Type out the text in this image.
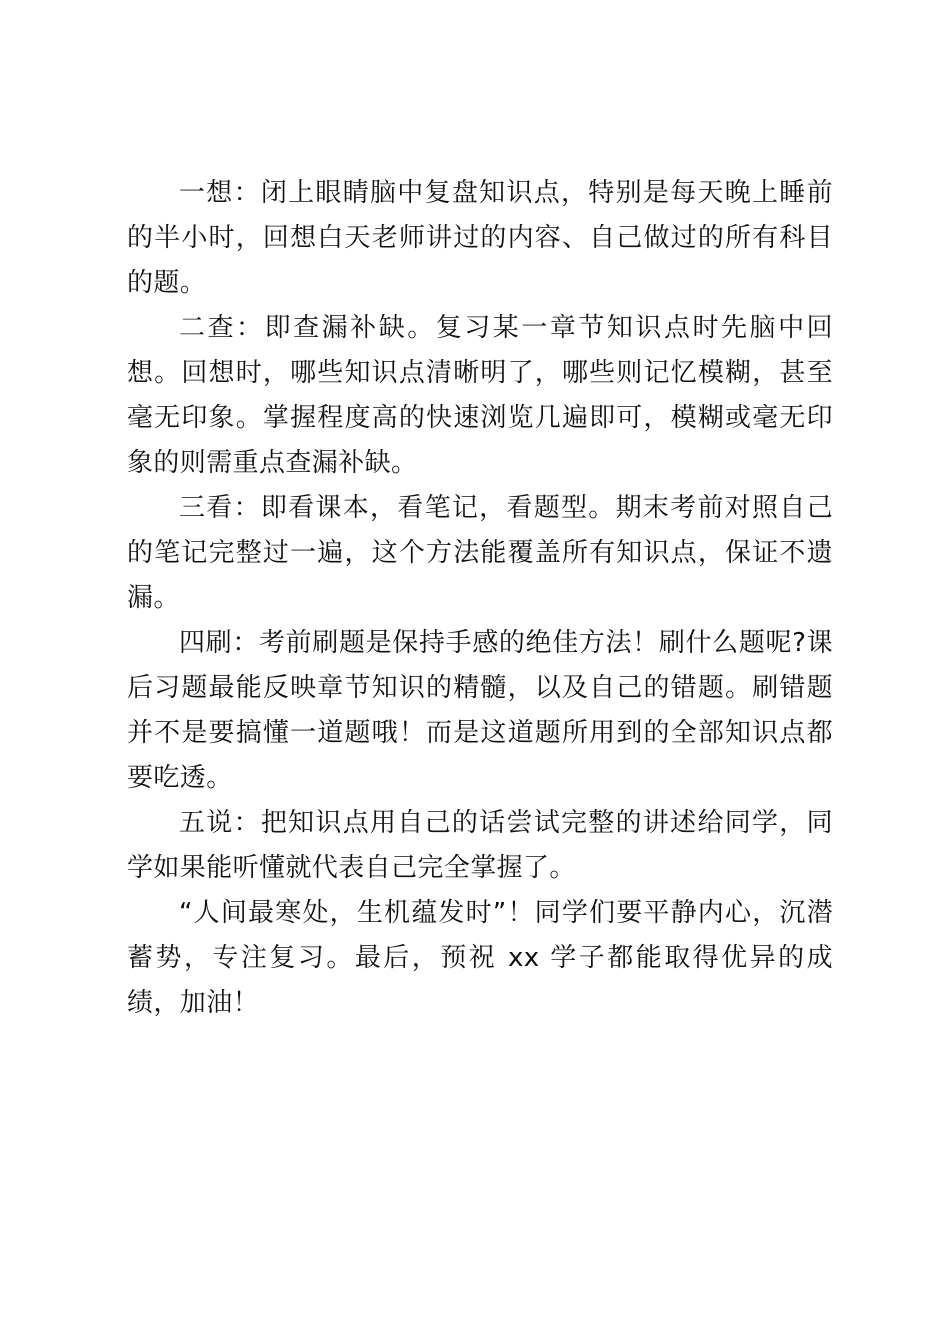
一想：闭上眼睛脑中复盘知识点，特别是每天晚上睡前的半小时，回想白天老师讲过的内容、自己做过的所有科目的题。

二查：即查漏补缺。复习某一章节知识点时先脑中回想。回想时，哪些知识点清晰明了，哪些则记忆模糊，甚至毫无印象。掌握程度高的快速浏览几遍即可，模糊或毫无印象的则需重点查漏补缺。

三看：即看课本，看笔记，看题型。期末考前对照自己的笔记完整过一遍，这个方法能覆盖所有知识点，保证不遗漏。

四刷：考前刷题是保持手感的绝佳方法！刷什么题呢?课后习题最能反映章节知识的精髓，以及自己的错题。刷错题并不是要搞懂一道题哦！而是这道题所用到的全部知识点都要吃透。

五说：把知识点用自己的话尝试完整的讲述给同学，同学如果能听懂就代表自己完全掌握了。

“人间最寒处，生机蕴发时”！同学们要平静内心，沉潜蓄势，专注复习。最后，预祝 xx 学子都能取得优异的成绩，加油！
